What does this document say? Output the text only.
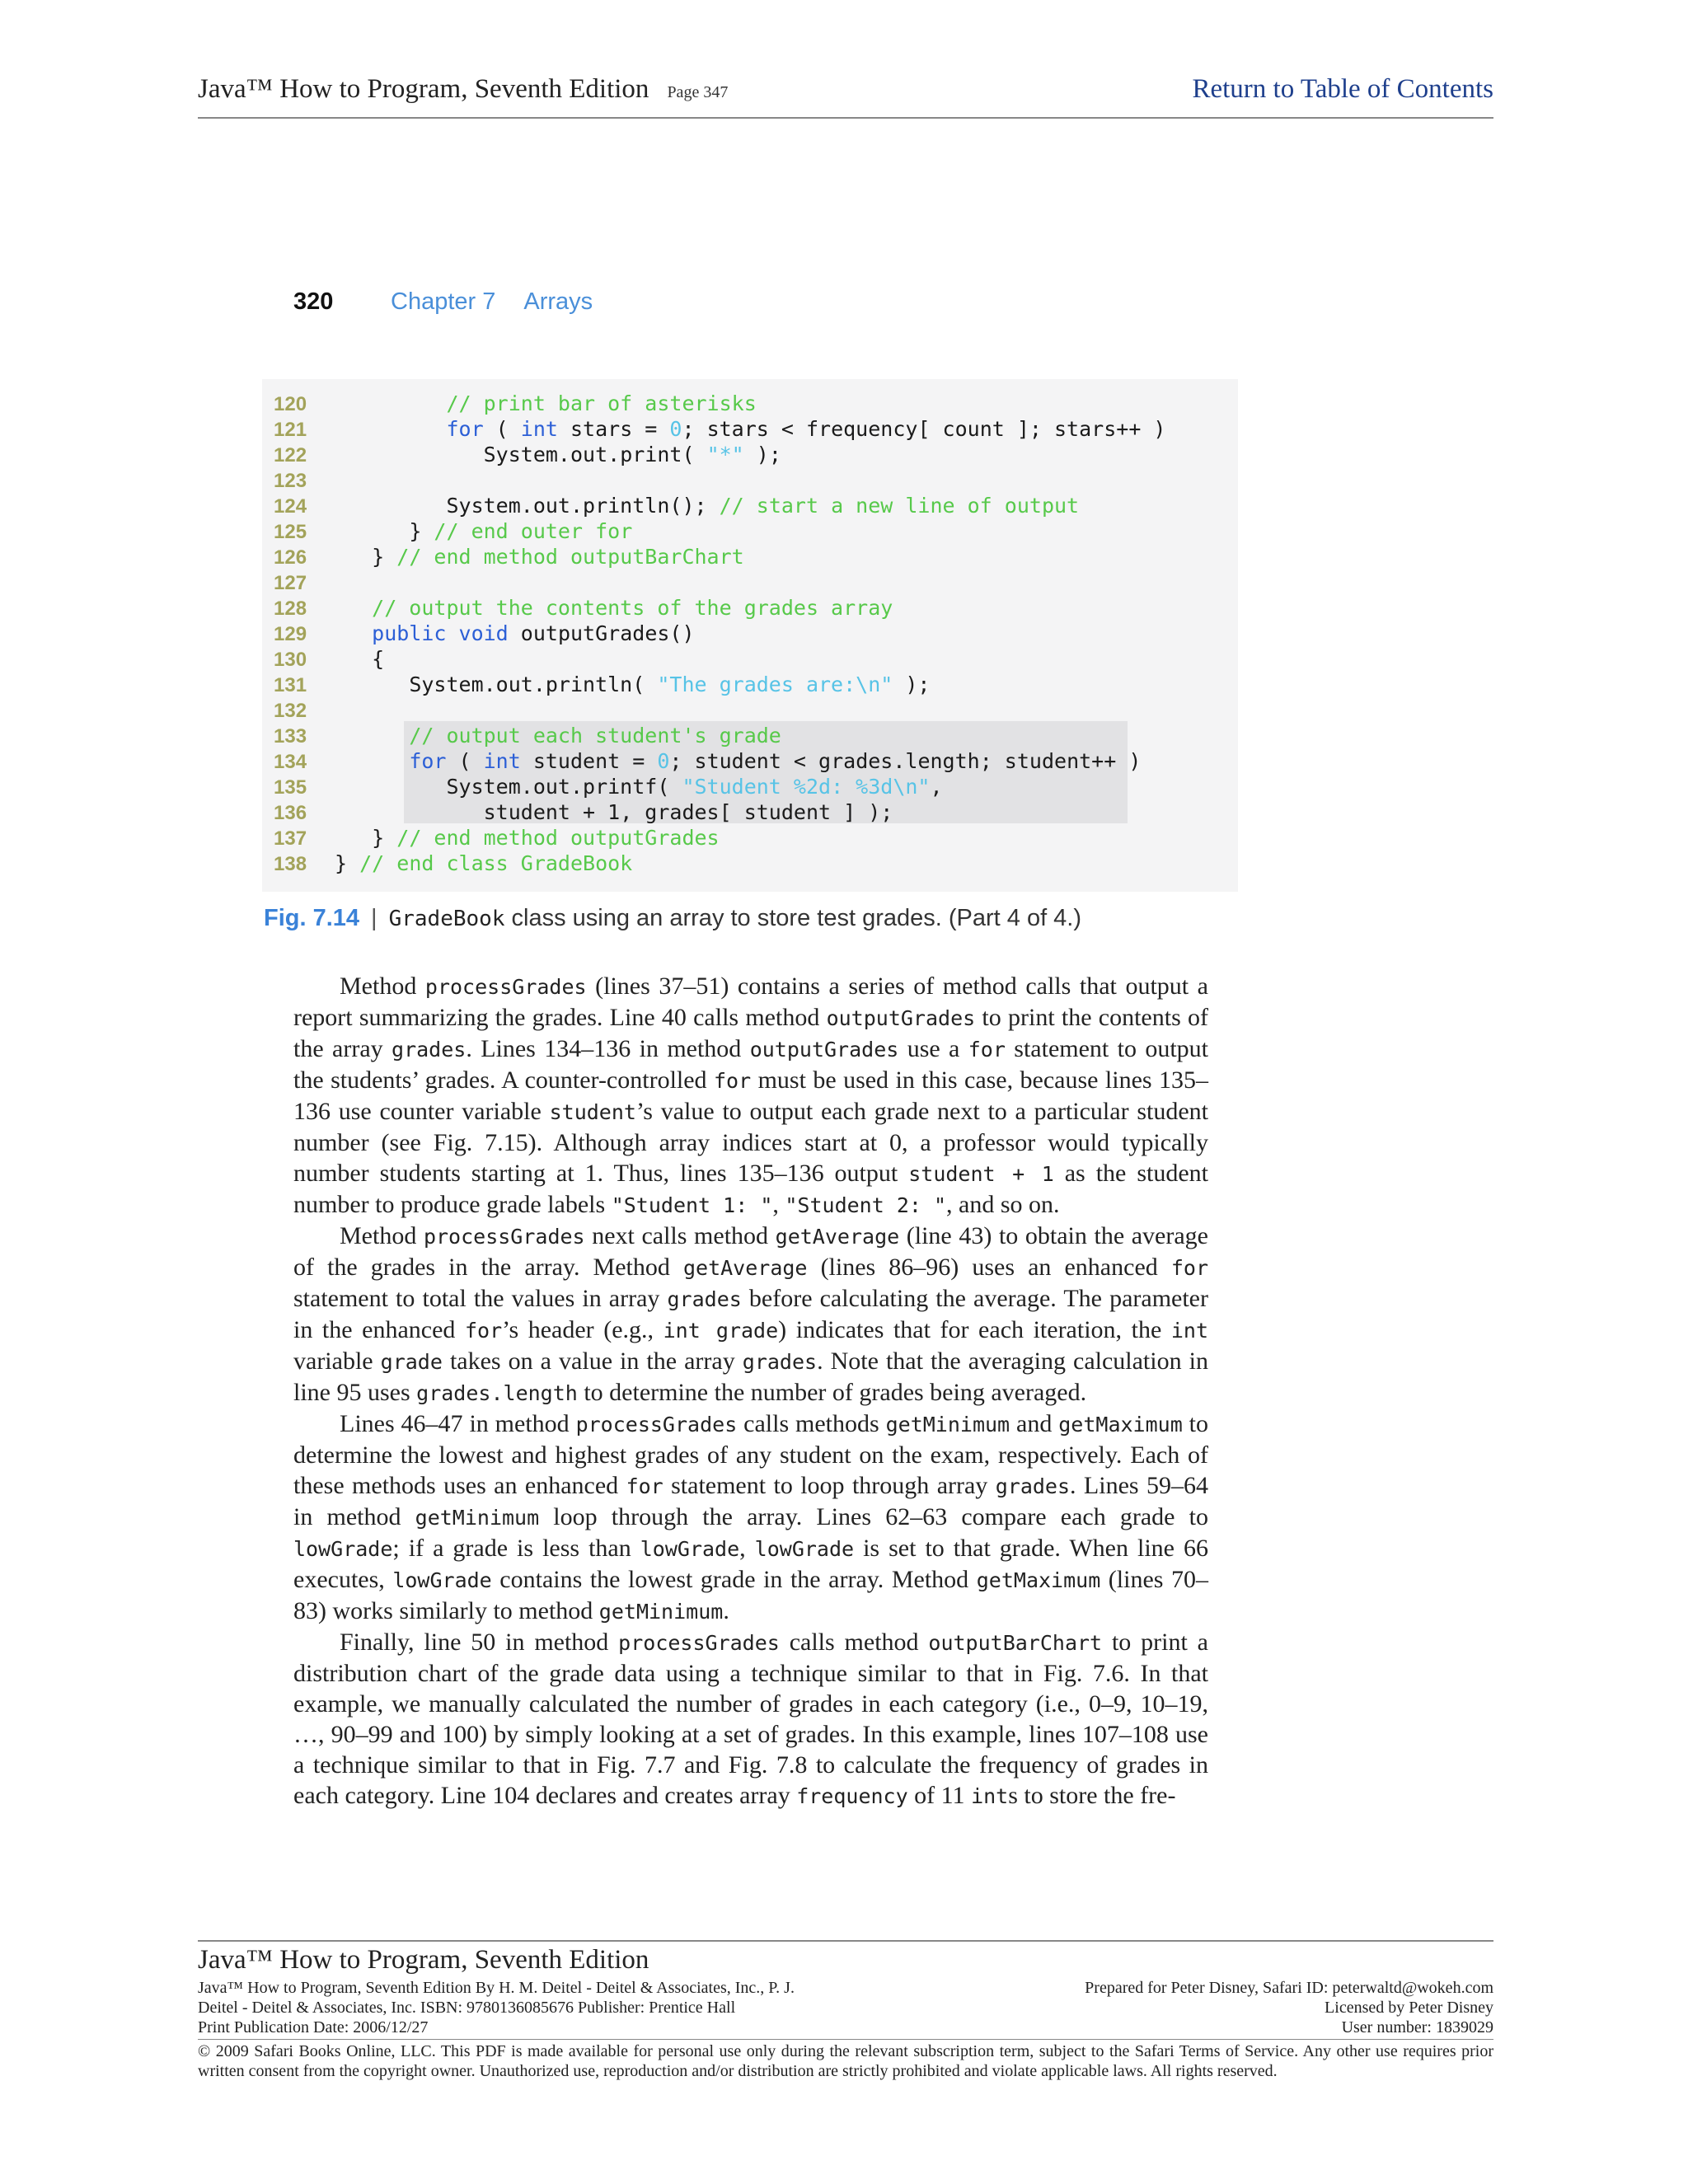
Java™ How to Program, Seventh Edition Page 347	Return to Table of Contents
320 Chapter 7 Arrays
120	// print bar of asterisks
121	for ( int stars = 0; stars < frequency[ count ]; stars++ )
122	System.out.print( "*" );
123
124	System.out.println(); // start a new line of output
125	} // end outer for
126	} // end method outputBarChart
127
128	// output the contents of the grades array
129	public void outputGrades()
130	{
131	System.out.println( "The grades are:\n" );
132
133	// output each student's grade
134	for ( int student = 0; student < grades.length; student++ )
135	System.out.printf( "Student %2d: %3d\n",
136	student + 1, grades[ student ] );
137	} // end method outputGrades
138 } // end class GradeBook
Fig. 7.14 | GradeBook class using an array to store test grades. (Part 4 of 4.)

Method processGrades (lines 37–51) contains a series of method calls that output a report summarizing the grades. Line 40 calls method outputGrades to print the contents of the array grades. Lines 134–136 in method outputGrades use a for statement to output the students’ grades. A counter-controlled for must be used in this case, because lines 135–136 use counter variable student’s value to output each grade next to a particular student number (see Fig. 7.15). Although array indices start at 0, a professor would typically number students starting at 1. Thus, lines 135–136 output student + 1 as the student number to produce grade labels "Student 1: ", "Student 2: ", and so on.

Method processGrades next calls method getAverage (line 43) to obtain the average of the grades in the array. Method getAverage (lines 86–96) uses an enhanced for statement to total the values in array grades before calculating the average. The parameter in the enhanced for’s header (e.g., int grade) indicates that for each iteration, the int variable grade takes on a value in the array grades. Note that the averaging calculation in line 95 uses grades.length to determine the number of grades being averaged.

Lines 46–47 in method processGrades calls methods getMinimum and getMaximum to determine the lowest and highest grades of any student on the exam, respectively. Each of these methods uses an enhanced for statement to loop through array grades. Lines 59–64 in method getMinimum loop through the array. Lines 62–63 compare each grade to lowGrade; if a grade is less than lowGrade, lowGrade is set to that grade. When line 66 executes, lowGrade contains the lowest grade in the array. Method getMaximum (lines 70–83) works similarly to method getMinimum.

Finally, line 50 in method processGrades calls method outputBarChart to print a distribution chart of the grade data using a technique similar to that in Fig. 7.6. In that example, we manually calculated the number of grades in each category (i.e., 0–9, 10–19, …, 90–99 and 100) by simply looking at a set of grades. In this example, lines 107–108 use a technique similar to that in Fig. 7.7 and Fig. 7.8 to calculate the frequency of grades in each category. Line 104 declares and creates array frequency of 11 ints to store the fre-

Java™ How to Program, Seventh Edition
Java™ How to Program, Seventh Edition By H. M. Deitel - Deitel & Associates, Inc., P. J.	Prepared for Peter Disney, Safari ID: peterwaltd@wokeh.com
Deitel - Deitel & Associates, Inc. ISBN: 9780136085676 Publisher: Prentice Hall	Licensed by Peter Disney
Print Publication Date: 2006/12/27	User number: 1839029
© 2009 Safari Books Online, LLC. This PDF is made available for personal use only during the relevant subscription term, subject to the Safari Terms of Service. Any other use requires prior written consent from the copyright owner. Unauthorized use, reproduction and/or distribution are strictly prohibited and violate applicable laws. All rights reserved.
